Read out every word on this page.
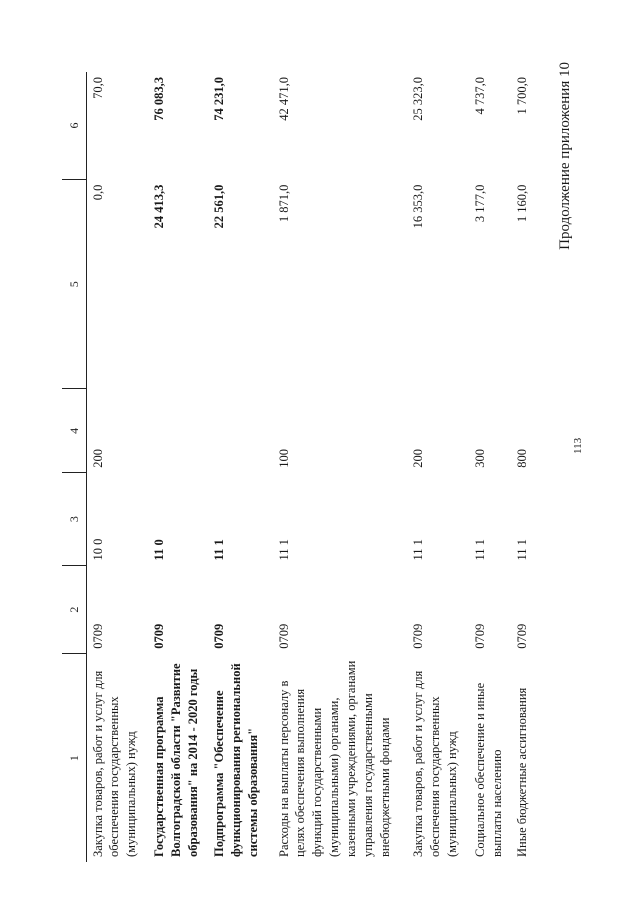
1	2	3	4	5	6
Закупка товаров, работ и услуг для обеспечения государственных (муниципальных) нужд	0709	10 0	200	0,0	70,0
Государственная программа Волгоградской области "Развитие образования" на 2014 - 2020 годы	0709	11 0		24 413,3	76 083,3
Подпрограмма "Обеспечение функционирования региональной системы образования"	0709	11 1		22 561,0	74 231,0
Расходы на выплаты персоналу в целях обеспечения выполнения функций государственными (муниципальными) органами, казенными учреждениями, органами управления государственными внебюджетными фондами	0709	11 1	100	1 871,0	42 471,0
Закупка товаров, работ и услуг для обеспечения государственных (муниципальных) нужд	0709	11 1	200	16 353,0	25 323,0
Социальное обеспечение и иные выплаты населению	0709	11 1	300	3 177,0	4 737,0
Иные бюджетные ассигнования	0709	11 1	800	1 160,0	1 700,0
113
Продолжение приложения 10
